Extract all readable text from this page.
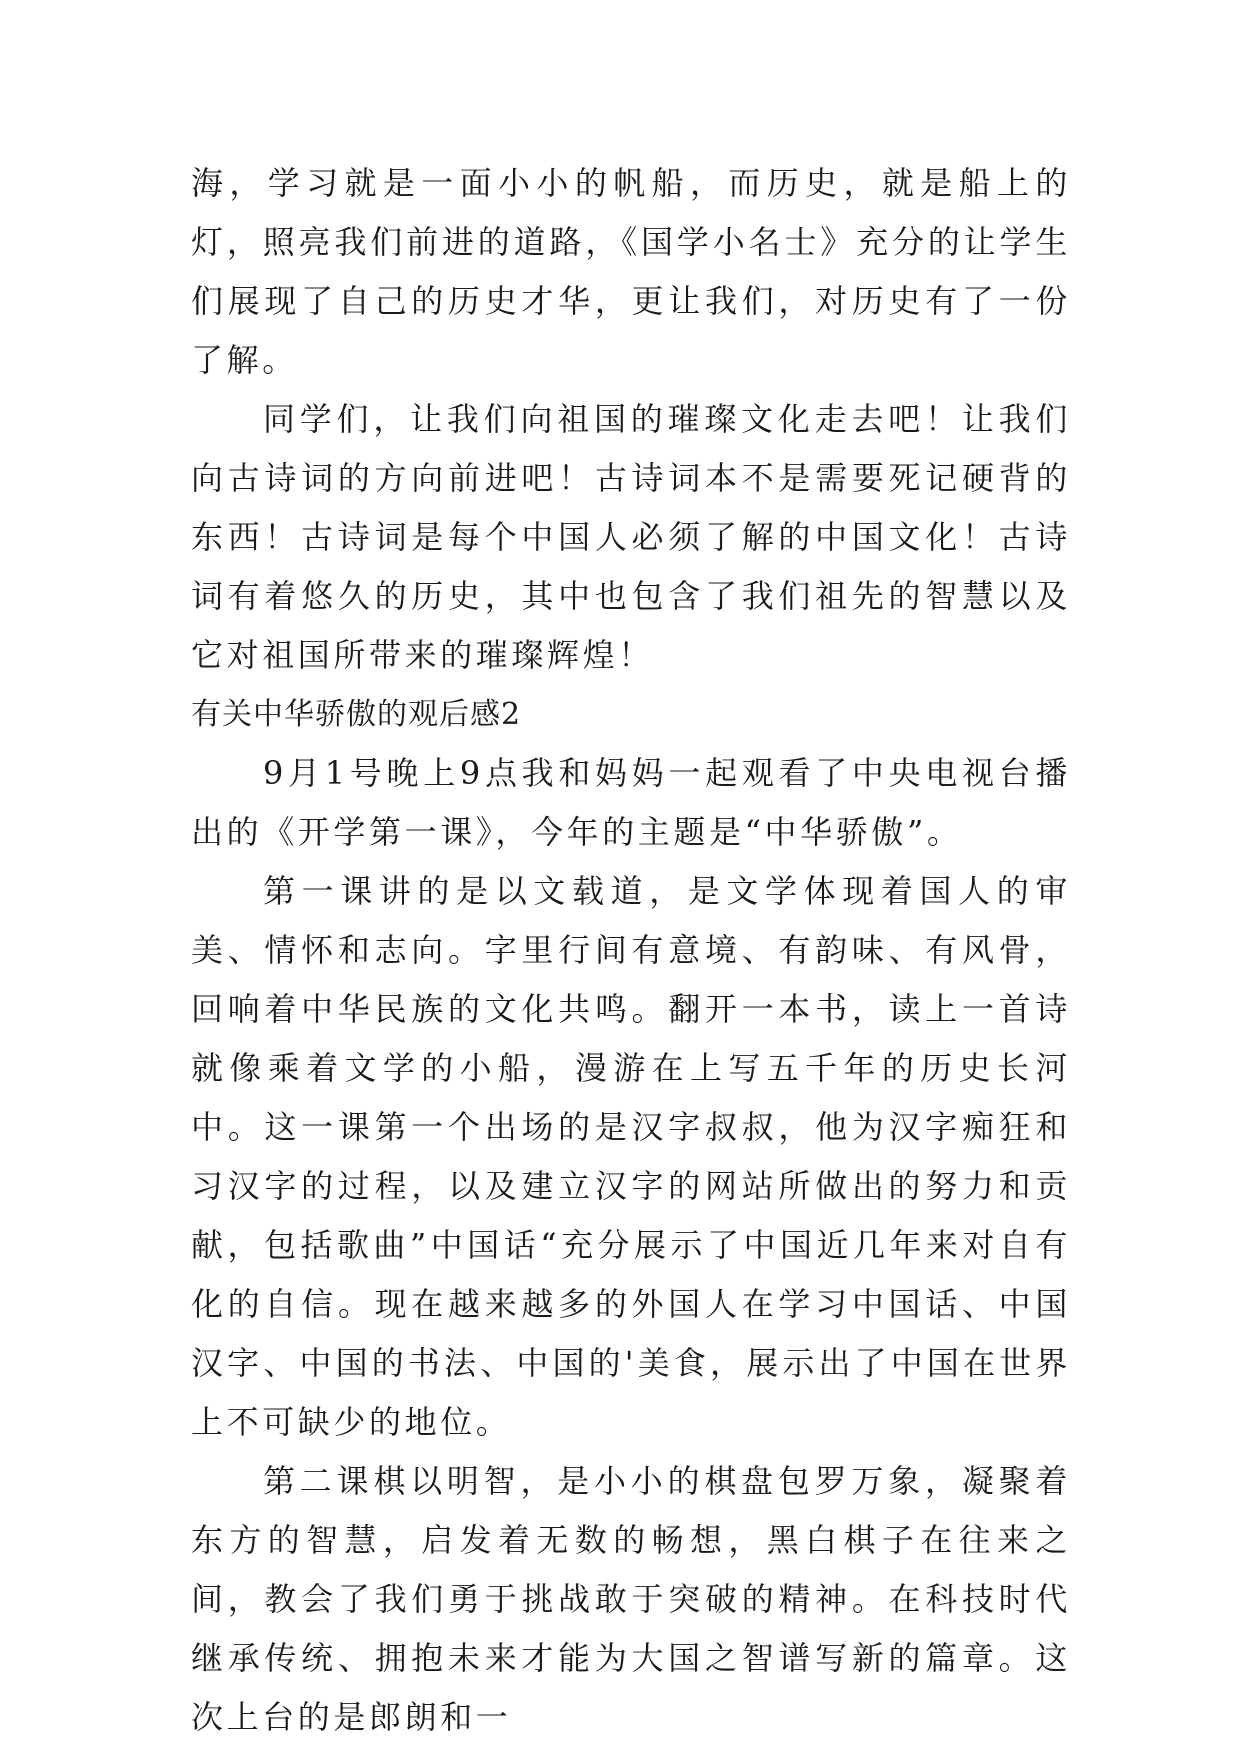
海，学习就是一面小小的帆船，而历史，就是船上的灯，照亮我们前进的道路，《国学小名士》充分的让学生们展现了自己的历史才华，更让我们，对历史有了一份了解。

同学们，让我们向祖国的璀璨文化走去吧！让我们向古诗词的方向前进吧！古诗词本不是需要死记硬背的东西！古诗词是每个中国人必须了解的中国文化！古诗词有着悠久的历史，其中也包含了我们祖先的智慧以及它对祖国所带来的璀璨辉煌！

有关中华骄傲的观后感2

9月1号晚上9点我和妈妈一起观看了中央电视台播出的《开学第一课》，今年的主题是“中华骄傲”。

第一课讲的是以文载道，是文学体现着国人的审美、情怀和志向。字里行间有意境、有韵味、有风骨，回响着中华民族的文化共鸣。翻开一本书，读上一首诗就像乘着文学的小船，漫游在上写五千年的历史长河中。这一课第一个出场的是汉字叔叔，他为汉字痴狂和习汉字的过程，以及建立汉字的网站所做出的努力和贡献，包括歌曲”中国话“充分展示了中国近几年来对自有化的自信。现在越来越多的外国人在学习中国话、中国汉字、中国的书法、中国的'美食，展示出了中国在世界上不可缺少的地位。

第二课棋以明智，是小小的棋盘包罗万象，凝聚着东方的智慧，启发着无数的畅想，黑白棋子在往来之间，教会了我们勇于挑战敢于突破的精神。在科技时代继承传统、拥抱未来才能为大国之智谱写新的篇章。这次上台的是郎朗和一
